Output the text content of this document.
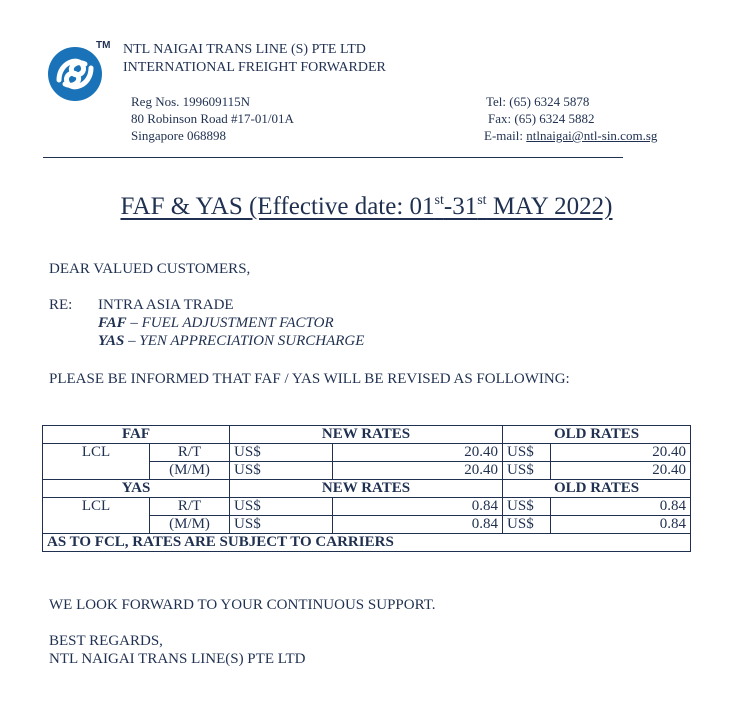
TM NTL NAIGAI TRANS LINE (S) PTE LTD
INTERNATIONAL FREIGHT FORWARDER
Reg Nos. 199609115N
80 Robinson Road #17-01/01A
Singapore 068898
Tel: (65) 6324 5878
Fax: (65) 6324 5882
E-mail: ntlnaigai@ntl-sin.com.sg
FAF & YAS (Effective date: 01st-31st MAY 2022)
DEAR VALUED CUSTOMERS,
RE: INTRA ASIA TRADE
FAF – FUEL ADJUSTMENT FACTOR
YAS – YEN APPRECIATION SURCHARGE
PLEASE BE INFORMED THAT FAF / YAS WILL BE REVISED AS FOLLOWING:
FAF		NEW RATES		OLD RATES	
LCL	R/T	US$	20.40	US$	20.40
	(M/M)	US$	20.40	US$	20.40
YAS		NEW RATES		OLD RATES	
LCL	R/T	US$	0.84	US$	0.84
	(M/M)	US$	0.84	US$	0.84
AS TO FCL, RATES ARE SUBJECT TO CARRIERS					
WE LOOK FORWARD TO YOUR CONTINUOUS SUPPORT.
BEST REGARDS,
NTL NAIGAI TRANS LINE(S) PTE LTD
